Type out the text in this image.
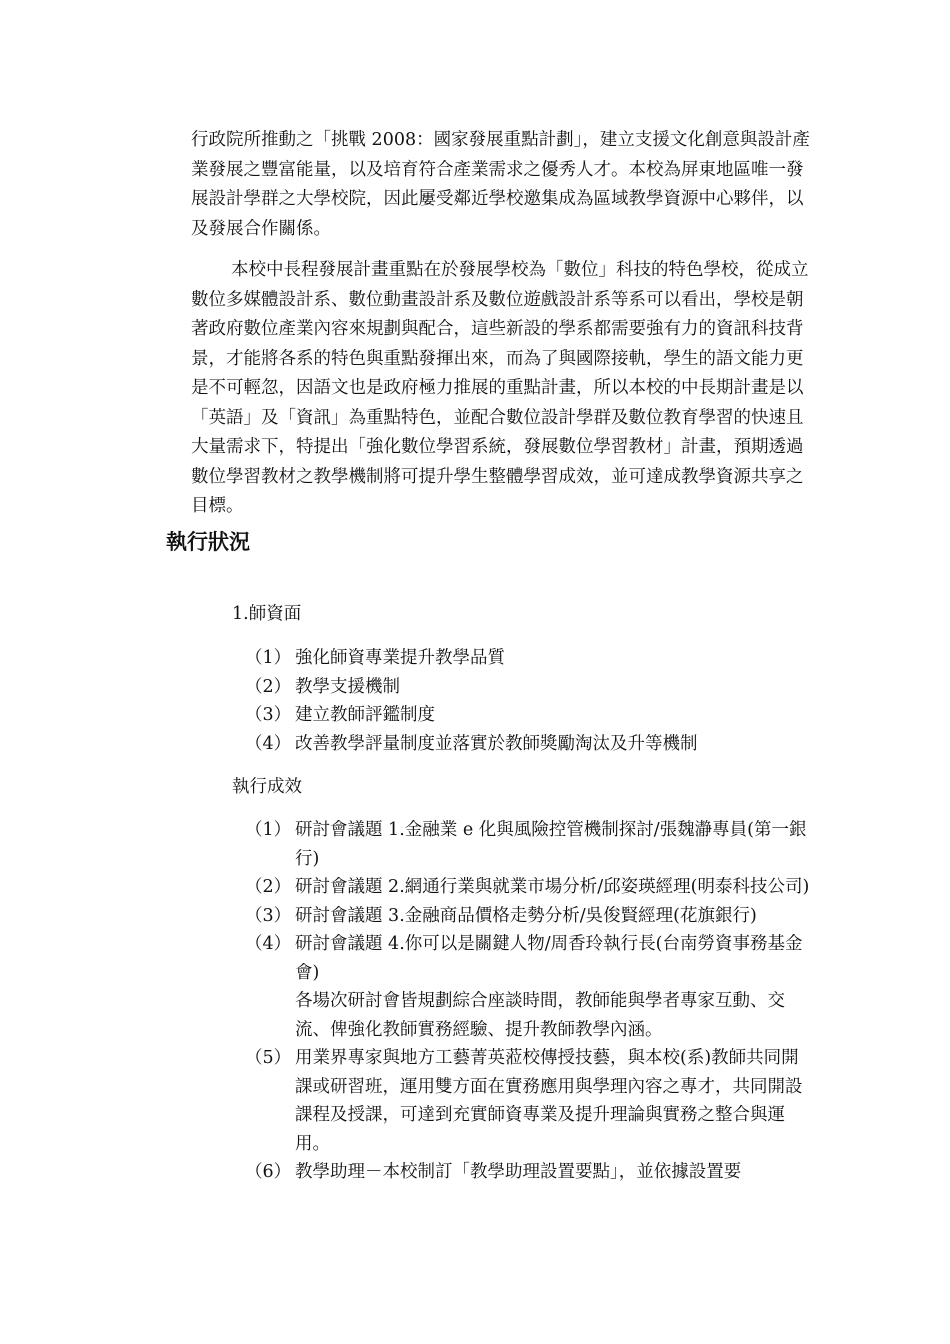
行政院所推動之「挑戰 2008：國家發展重點計劃」，建立支援文化創意與設計產業發展之豐富能量，以及培育符合產業需求之優秀人才。本校為屏東地區唯一發展設計學群之大學校院，因此屢受鄰近學校邀集成為區域教學資源中心夥伴，以及發展合作關係。

本校中長程發展計畫重點在於發展學校為「數位」科技的特色學校，從成立數位多媒體設計系、數位動畫設計系及數位遊戲設計系等系可以看出，學校是朝著政府數位產業內容來規劃與配合，這些新設的學系都需要強有力的資訊科技背景，才能將各系的特色與重點發揮出來，而為了與國際接軌，學生的語文能力更是不可輕忽，因語文也是政府極力推展的重點計畫，所以本校的中長期計畫是以「英語」及「資訊」為重點特色，並配合數位設計學群及數位教育學習的快速且大量需求下，特提出「強化數位學習系統，發展數位學習教材」計畫，預期透過數位學習教材之教學機制將可提升學生整體學習成效，並可達成教學資源共享之目標。

執行狀況

1.師資面

（1） 強化師資專業提升教學品質
（2） 教學支援機制
（3） 建立教師評鑑制度
（4） 改善教學評量制度並落實於教師獎勵淘汰及升等機制

執行成效

（1） 研討會議題 1.金融業 e 化與風險控管機制探討/張魏瀞專員(第一銀行)
（2） 研討會議題 2.網通行業與就業市場分析/邱姿瑛經理(明泰科技公司)
（3） 研討會議題 3.金融商品價格走勢分析/吳俊賢經理(花旗銀行)
（4） 研討會議題 4.你可以是關鍵人物/周香玲執行長(台南勞資事務基金會)
各場次研討會皆規劃綜合座談時間，教師能與學者專家互動、交流、俾強化教師實務經驗、提升教師教學內涵。
（5） 用業界專家與地方工藝菁英蒞校傳授技藝，與本校(系)教師共同開課或研習班，運用雙方面在實務應用與學理內容之專才，共同開設課程及授課，可達到充實師資專業及提升理論與實務之整合與運用。
（6） 教學助理－本校制訂「教學助理設置要點」，並依據設置要
